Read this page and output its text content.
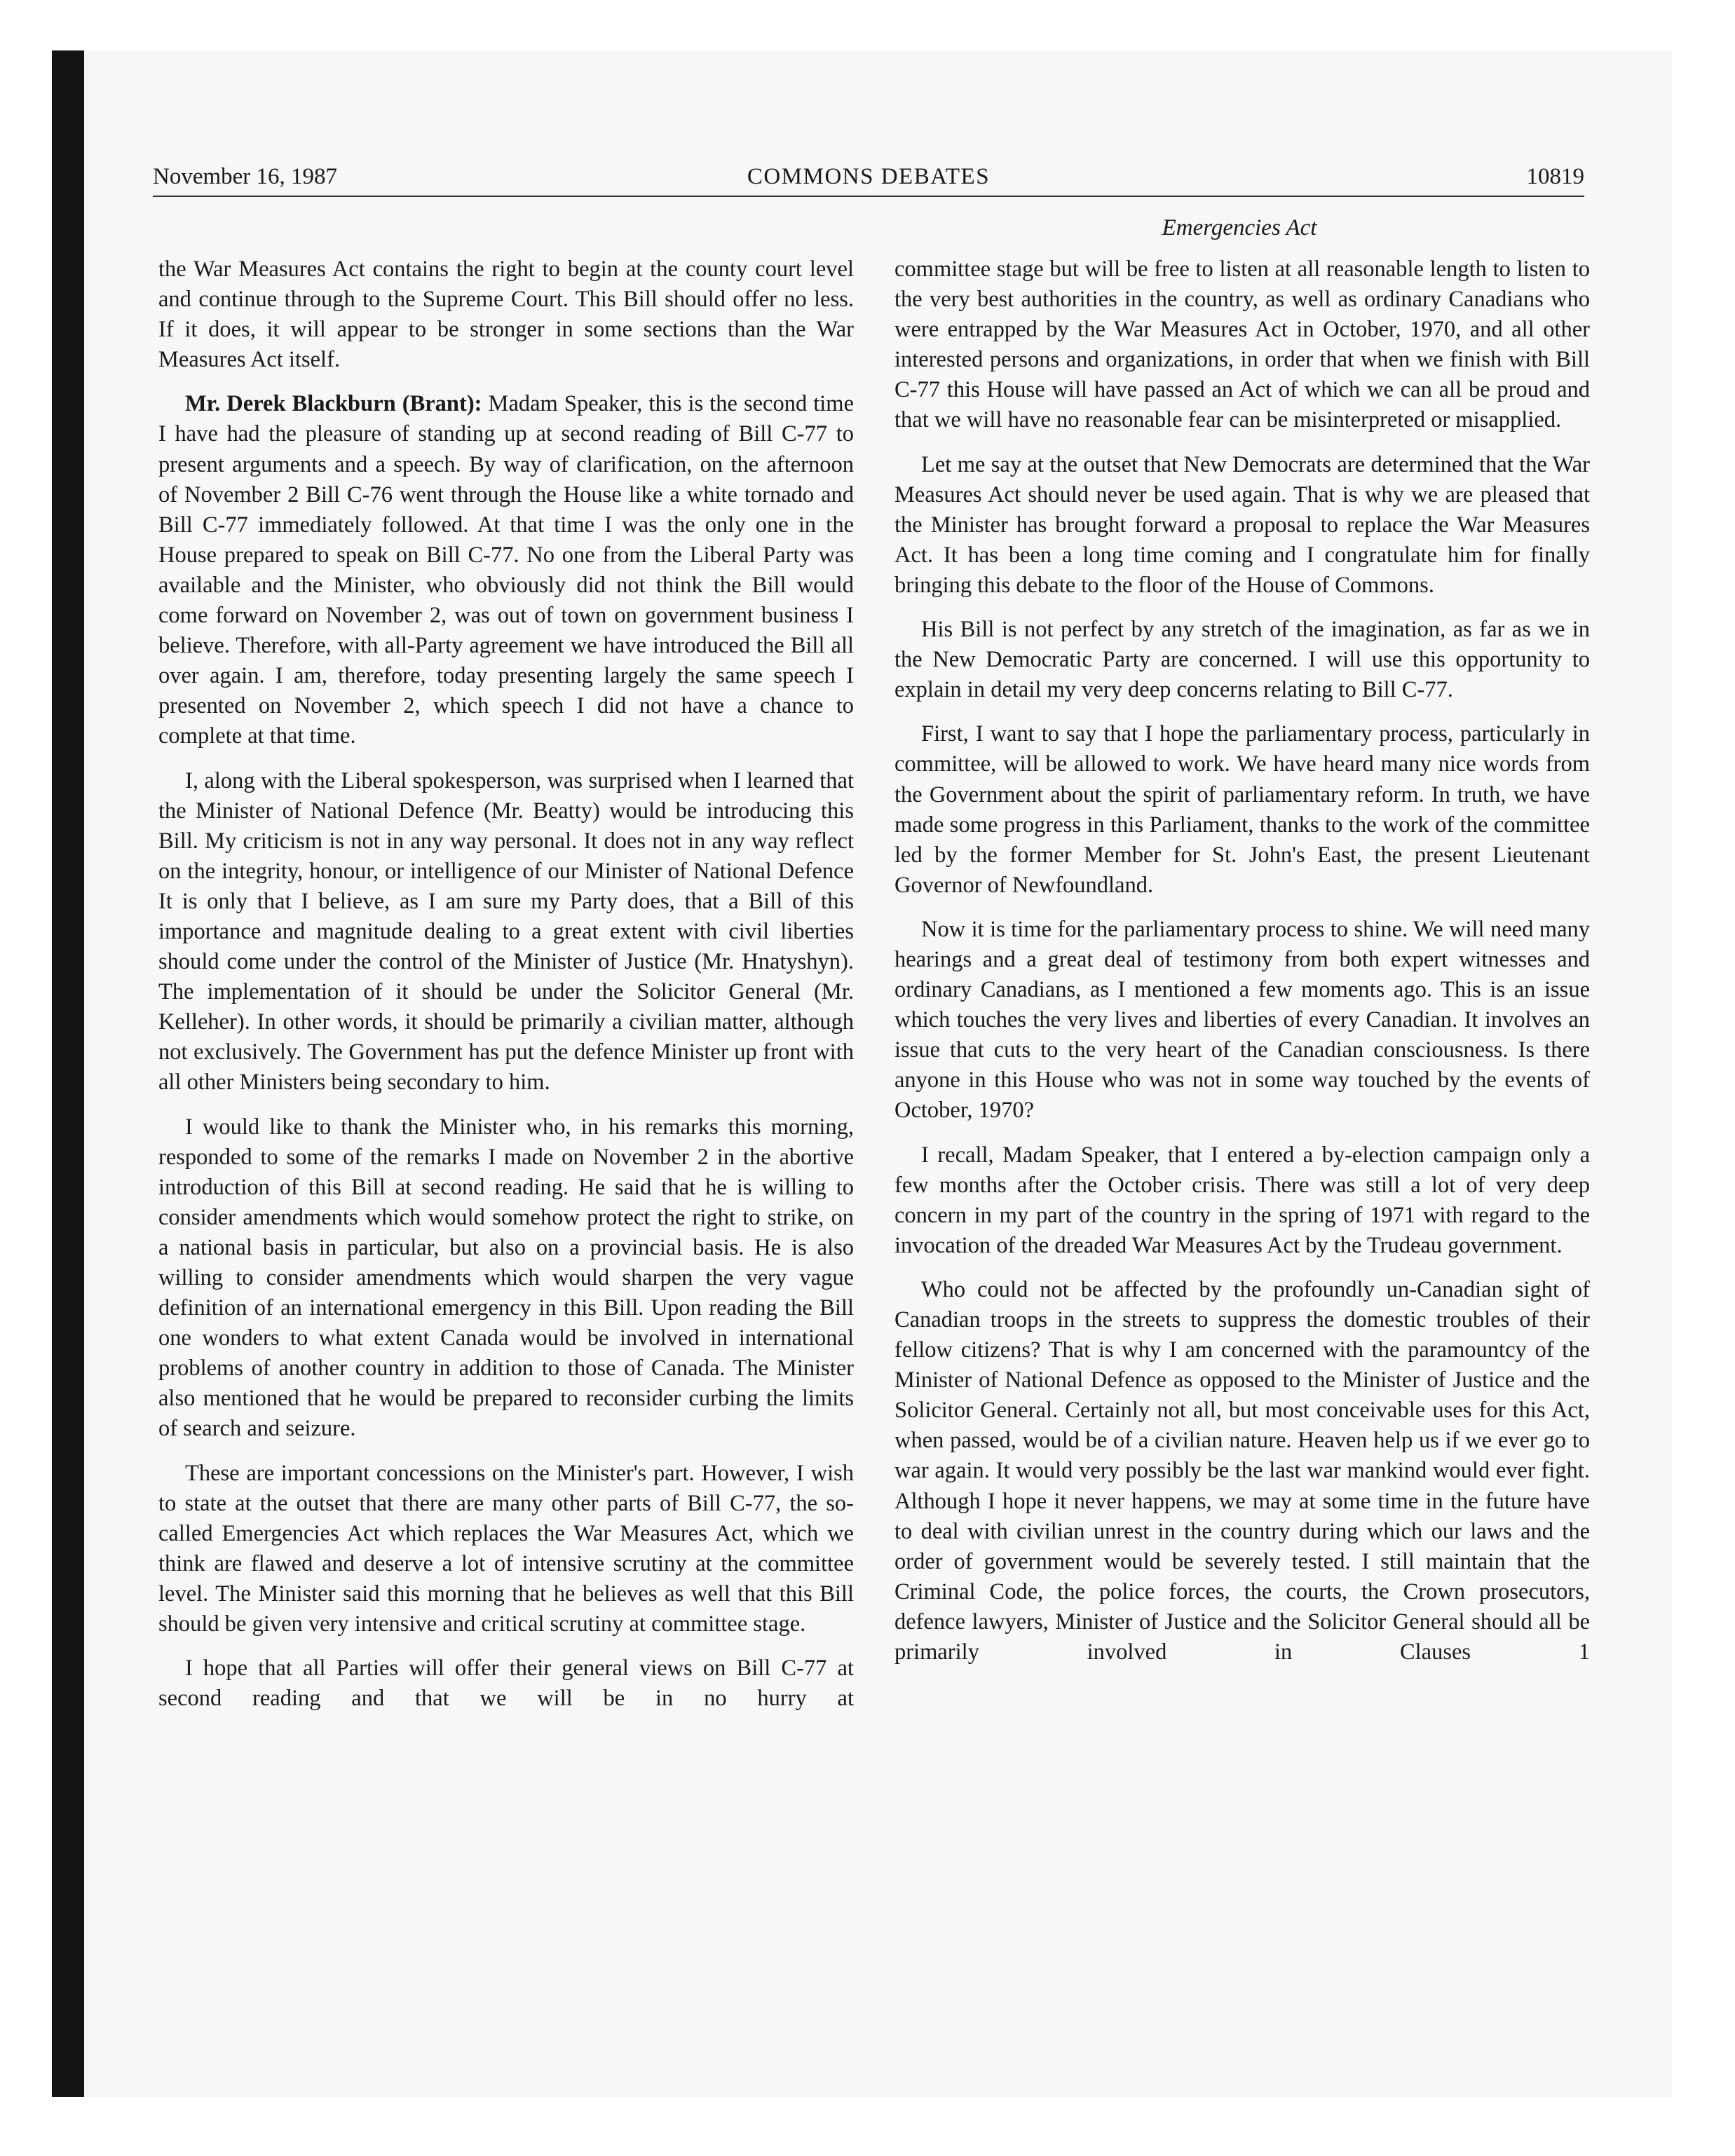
November 16, 1987	COMMONS DEBATES	10819
Emergencies Act

the War Measures Act contains the right to begin at the county court level and continue through to the Supreme Court. This Bill should offer no less. If it does, it will appear to be stronger in some sections than the War Measures Act itself.

Mr. Derek Blackburn (Brant): Madam Speaker, this is the second time I have had the pleasure of standing up at second reading of Bill C-77 to present arguments and a speech. By way of clarification, on the afternoon of November 2 Bill C-76 went through the House like a white tornado and Bill C-77 immediately followed. At that time I was the only one in the House prepared to speak on Bill C-77. No one from the Liberal Party was available and the Minister, who obviously did not think the Bill would come forward on November 2, was out of town on government business I believe. Therefore, with all-Party agreement we have introduced the Bill all over again. I am, therefore, today presenting largely the same speech I presented on November 2, which speech I did not have a chance to complete at that time.

I, along with the Liberal spokesperson, was surprised when I learned that the Minister of National Defence (Mr. Beatty) would be introducing this Bill. My criticism is not in any way personal. It does not in any way reflect on the integrity, honour, or intelligence of our Minister of National Defence It is only that I believe, as I am sure my Party does, that a Bill of this importance and magnitude dealing to a great extent with civil liberties should come under the control of the Minister of Justice (Mr. Hnatyshyn). The implementation of it should be under the Solicitor General (Mr. Kelleher). In other words, it should be primarily a civilian matter, although not exclusively. The Government has put the defence Minister up front with all other Ministers being secondary to him.

I would like to thank the Minister who, in his remarks this morning, responded to some of the remarks I made on November 2 in the abortive introduction of this Bill at second reading. He said that he is willing to consider amendments which would somehow protect the right to strike, on a national basis in particular, but also on a provincial basis. He is also willing to consider amendments which would sharpen the very vague definition of an international emergency in this Bill. Upon reading the Bill one wonders to what extent Canada would be involved in international problems of another country in addition to those of Canada. The Minister also mentioned that he would be prepared to reconsider curbing the limits of search and seizure.

These are important concessions on the Minister's part. However, I wish to state at the outset that there are many other parts of Bill C-77, the so-called Emergencies Act which replaces the War Measures Act, which we think are flawed and deserve a lot of intensive scrutiny at the committee level. The Minister said this morning that he believes as well that this Bill should be given very intensive and critical scrutiny at committee stage.

I hope that all Parties will offer their general views on Bill C-77 at second reading and that we will be in no hurry at

committee stage but will be free to listen at all reasonable length to listen to the very best authorities in the country, as well as ordinary Canadians who were entrapped by the War Measures Act in October, 1970, and all other interested persons and organizations, in order that when we finish with Bill C-77 this House will have passed an Act of which we can all be proud and that we will have no reasonable fear can be misinterpreted or misapplied.

Let me say at the outset that New Democrats are determined that the War Measures Act should never be used again. That is why we are pleased that the Minister has brought forward a proposal to replace the War Measures Act. It has been a long time coming and I congratulate him for finally bringing this debate to the floor of the House of Commons.

His Bill is not perfect by any stretch of the imagination, as far as we in the New Democratic Party are concerned. I will use this opportunity to explain in detail my very deep concerns relating to Bill C-77.

First, I want to say that I hope the parliamentary process, particularly in committee, will be allowed to work. We have heard many nice words from the Government about the spirit of parliamentary reform. In truth, we have made some progress in this Parliament, thanks to the work of the committee led by the former Member for St. John's East, the present Lieutenant Governor of Newfoundland.

Now it is time for the parliamentary process to shine. We will need many hearings and a great deal of testimony from both expert witnesses and ordinary Canadians, as I mentioned a few moments ago. This is an issue which touches the very lives and liberties of every Canadian. It involves an issue that cuts to the very heart of the Canadian consciousness. Is there anyone in this House who was not in some way touched by the events of October, 1970?

I recall, Madam Speaker, that I entered a by-election campaign only a few months after the October crisis. There was still a lot of very deep concern in my part of the country in the spring of 1971 with regard to the invocation of the dreaded War Measures Act by the Trudeau government.

Who could not be affected by the profoundly un-Canadian sight of Canadian troops in the streets to suppress the domestic troubles of their fellow citizens? That is why I am concerned with the paramountcy of the Minister of National Defence as opposed to the Minister of Justice and the Solicitor General. Certainly not all, but most conceivable uses for this Act, when passed, would be of a civilian nature. Heaven help us if we ever go to war again. It would very possibly be the last war mankind would ever fight. Although I hope it never happens, we may at some time in the future have to deal with civilian unrest in the country during which our laws and the order of government would be severely tested. I still maintain that the Criminal Code, the police forces, the courts, the Crown prosecutors, defence lawyers, Minister of Justice and the Solicitor General should all be primarily involved in Clauses 1
